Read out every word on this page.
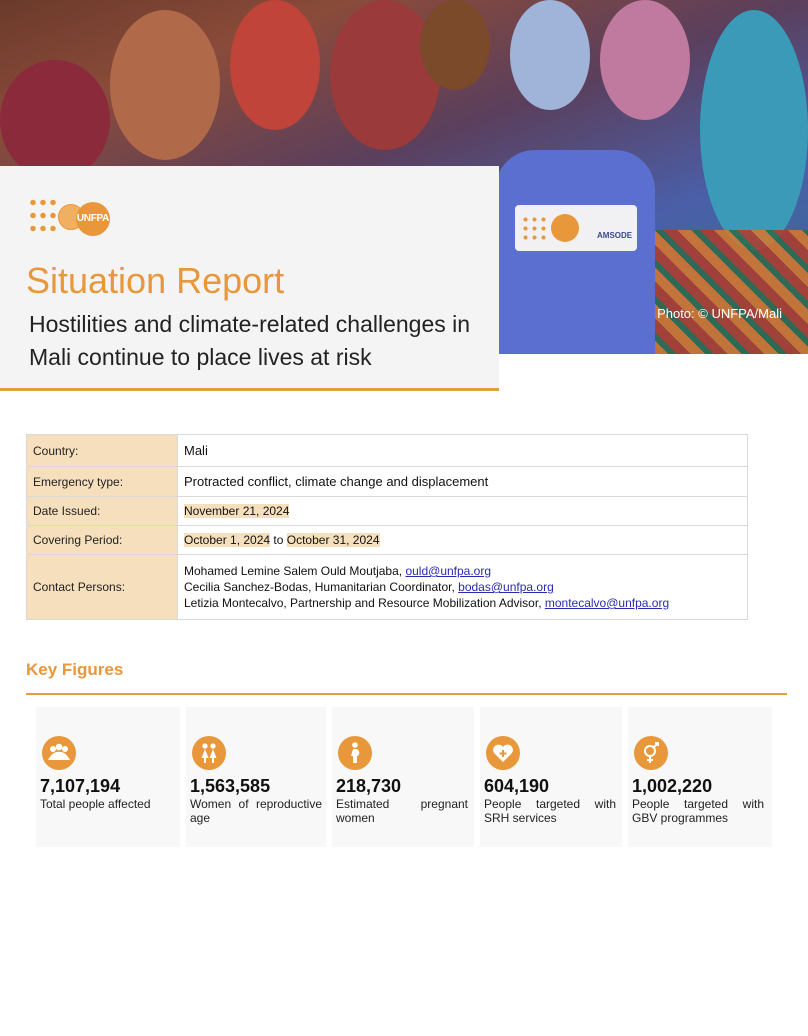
AMSODE
Photo: © UNFPA/Mali
UNFPA
Situation Report
Hostilities and climate-related challenges in Mali continue to place lives at risk
Country:	Mali
Emergency type:	Protracted conflict, climate change and displacement
Date Issued:	November 21, 2024
Covering Period:	October 1, 2024 to October 31, 2024
Contact Persons:	Mohamed Lemine Salem Ould Moutjaba, ould@unfpa.org
Cecilia Sanchez-Bodas, Humanitarian Coordinator, bodas@unfpa.org
Letizia Montecalvo, Partnership and Resource Mobilization Advisor, montecalvo@unfpa.org
Key Figures
7,107,194
Total people affected
1,563,585
Women of reproductive age
218,730
Estimated pregnant women
604,190
People targeted with SRH services
1,002,220
People targeted with GBV programmes
